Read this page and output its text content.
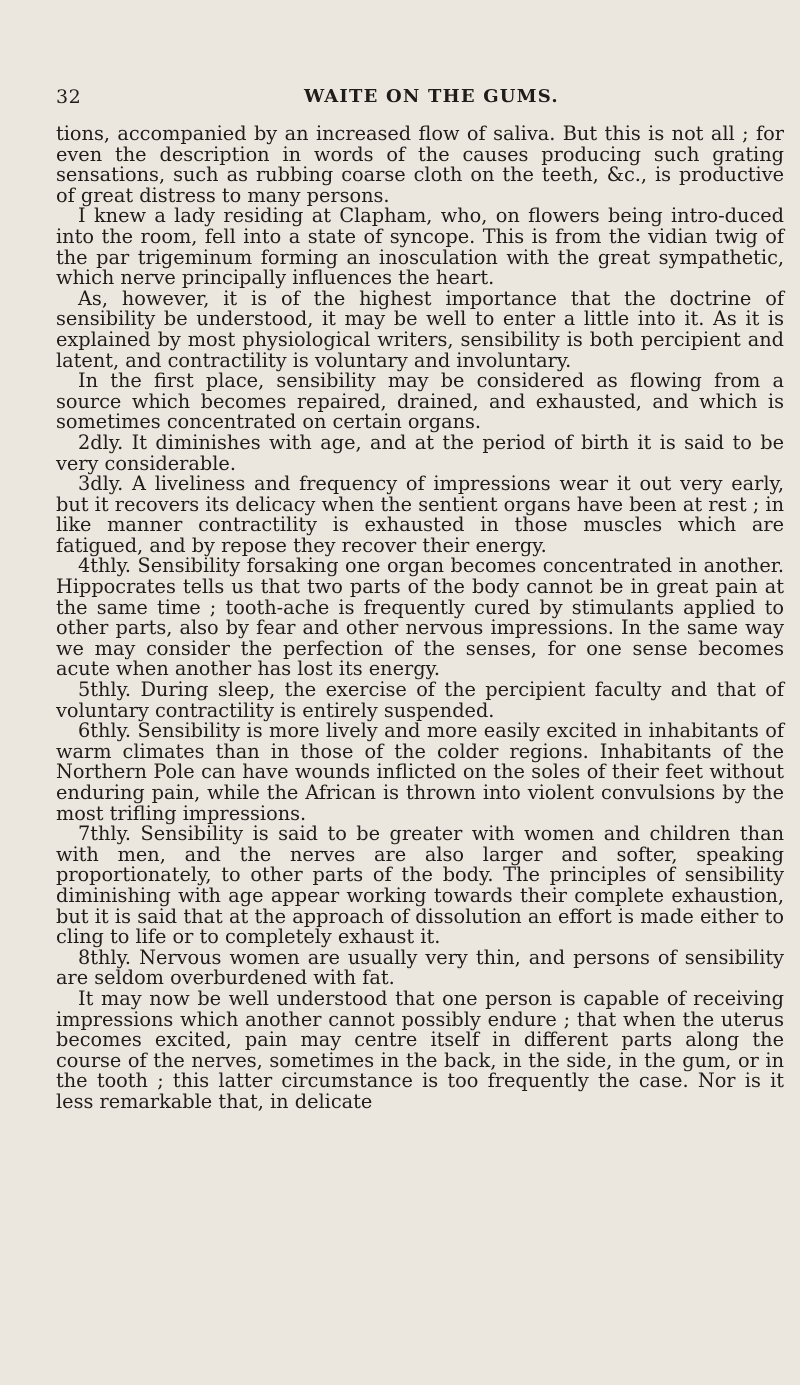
32	WAITE ON THE GUMS.

tions, accompanied by an increased flow of saliva. But this is not all ; for even the description in words of the causes producing such grating sensations, such as rubbing coarse cloth on the teeth, &c., is productive of great distress to many persons.

I knew a lady residing at Clapham, who, on flowers being intro-duced into the room, fell into a state of syncope. This is from the vidian twig of the par trigeminum forming an inosculation with the great sympathetic, which nerve principally influences the heart.

As, however, it is of the highest importance that the doctrine of sensibility be understood, it may be well to enter a little into it. As it is explained by most physiological writers, sensibility is both percipient and latent, and contractility is voluntary and involuntary.

In the first place, sensibility may be considered as flowing from a source which becomes repaired, drained, and exhausted, and which is sometimes concentrated on certain organs.

2dly. It diminishes with age, and at the period of birth it is said to be very considerable.

3dly. A liveliness and frequency of impressions wear it out very early, but it recovers its delicacy when the sentient organs have been at rest ; in like manner contractility is exhausted in those muscles which are fatigued, and by repose they recover their energy.

4thly. Sensibility forsaking one organ becomes concentrated in another. Hippocrates tells us that two parts of the body cannot be in great pain at the same time ; tooth-ache is frequently cured by stimulants applied to other parts, also by fear and other nervous impressions. In the same way we may consider the perfection of the senses, for one sense becomes acute when another has lost its energy.

5thly. During sleep, the exercise of the percipient faculty and that of voluntary contractility is entirely suspended.

6thly. Sensibility is more lively and more easily excited in inhabitants of warm climates than in those of the colder regions. Inhabitants of the Northern Pole can have wounds inflicted on the soles of their feet without enduring pain, while the African is thrown into violent convulsions by the most trifling impressions.

7thly. Sensibility is said to be greater with women and children than with men, and the nerves are also larger and softer, speaking proportionately, to other parts of the body. The principles of sensibility diminishing with age appear working towards their complete exhaustion, but it is said that at the approach of dissolution an effort is made either to cling to life or to completely exhaust it.

8thly. Nervous women are usually very thin, and persons of sensibility are seldom overburdened with fat.

It may now be well understood that one person is capable of receiving impressions which another cannot possibly endure ; that when the uterus becomes excited, pain may centre itself in different parts along the course of the nerves, sometimes in the back, in the side, in the gum, or in the tooth ; this latter circumstance is too frequently the case. Nor is it less remarkable that, in delicate
